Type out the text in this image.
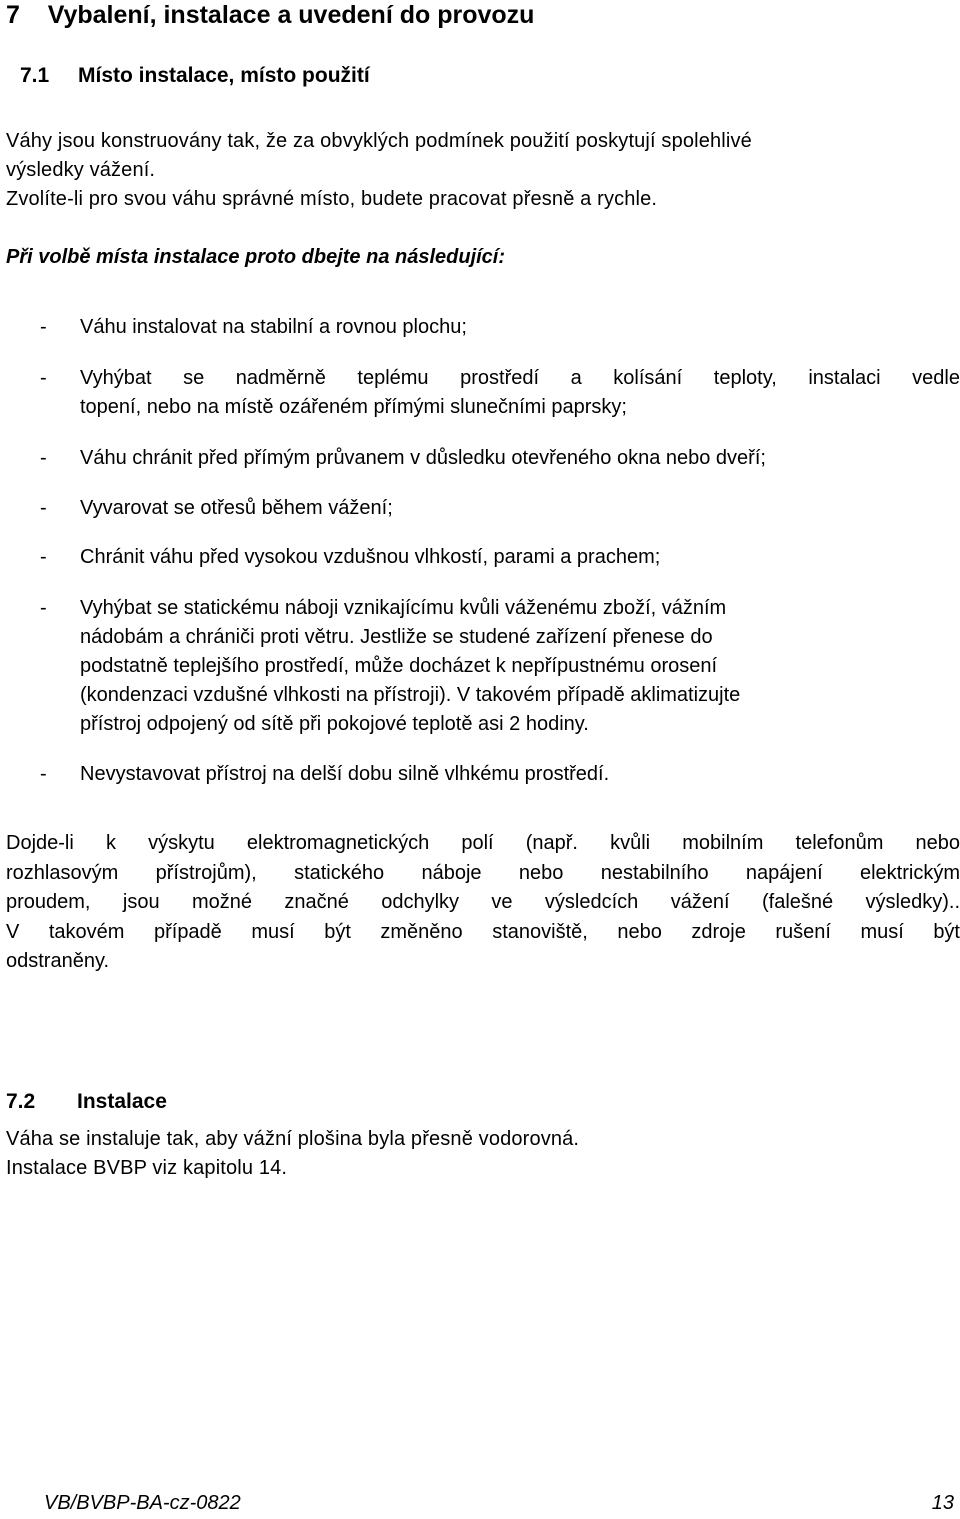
7 Vybalení, instalace a uvedení do provozu
7.1 Místo instalace, místo použití

Váhy jsou konstruovány tak, že za obvyklých podmínek použití poskytují spolehlivé

výsledky vážení.

Zvolíte-li pro svou váhu správné místo, budete pracovat přesně a rychle.

Při volbě místa instalace proto dbejte na následující:

- Váhu instalovat na stabilní a rovnou plochu;
- Vyhýbat se nadměrně teplému prostředí a kolísání teploty, instalaci vedle
topení, nebo na místě ozářeném přímými slunečními paprsky;
- Váhu chránit před přímým průvanem v důsledku otevřeného okna nebo dveří;
- Vyvarovat se otřesů během vážení;
- Chránit váhu před vysokou vzdušnou vlhkostí, parami a prachem;
- Vyhýbat se statickému náboji vznikajícímu kvůli váženému zboží, vážním
nádobám a chrániči proti větru. Jestliže se studené zařízení přenese do
podstatně teplejšího prostředí, může docházet k nepřípustnému orosení
(kondenzaci vzdušné vlhkosti na přístroji). V takovém případě aklimatizujte
přístroj odpojený od sítě při pokojové teplotě asi 2 hodiny.
- Nevystavovat přístroj na delší dobu silně vlhkému prostředí.
Dojde-li k výskytu elektromagnetických polí (např. kvůli mobilním telefonům nebo
rozhlasovým přístrojům), statického náboje nebo nestabilního napájení elektrickým
proudem, jsou možné značné odchylky ve výsledcích vážení (falešné výsledky)..
V takovém případě musí být změněno stanoviště, nebo zdroje rušení musí být
odstraněny.
7.2 Instalace

Váha se instaluje tak, aby vážní plošina byla přesně vodorovná.

Instalace BVBP viz kapitolu 14.

VB/BVBP-BA-cz-0822	13
